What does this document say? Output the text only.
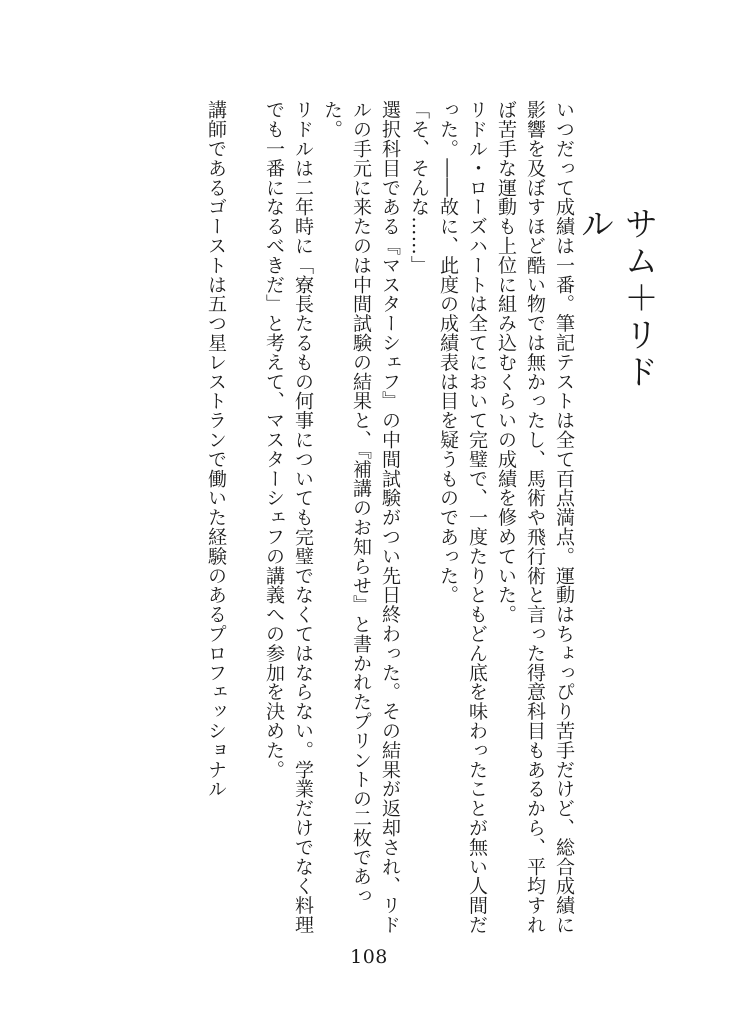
サム＋リドル

いつだって成績は一番。筆記テストは全て百点満点。運動はちょっぴり苦手だけど、総合成績に影響を及ぼすほど酷い物では無かったし、馬術や飛行術と言った得意科目もあるから、平均すれば苦手な運動も上位に組み込むくらいの成績を修めていた。

リドル・ローズハートは全てにおいて完璧で、一度たりともどん底を味わったことが無い人間だった。――故に、此度の成績表は目を疑うものであった。

「そ、そんな……」

選択科目である『マスターシェフ』の中間試験がつい先日終わった。その結果が返却され、リドルの手元に来たのは中間試験の結果と、『補講のお知らせ』と書かれたプリントの二枚であった。

リドルは二年時に「寮長たるもの何事についても完璧でなくてはならない。学業だけでなく料理でも一番になるべきだ」と考えて、マスターシェフの講義への参加を決めた。

講師であるゴーストは五つ星レストランで働いた経験のあるプロフェッショナル

108
